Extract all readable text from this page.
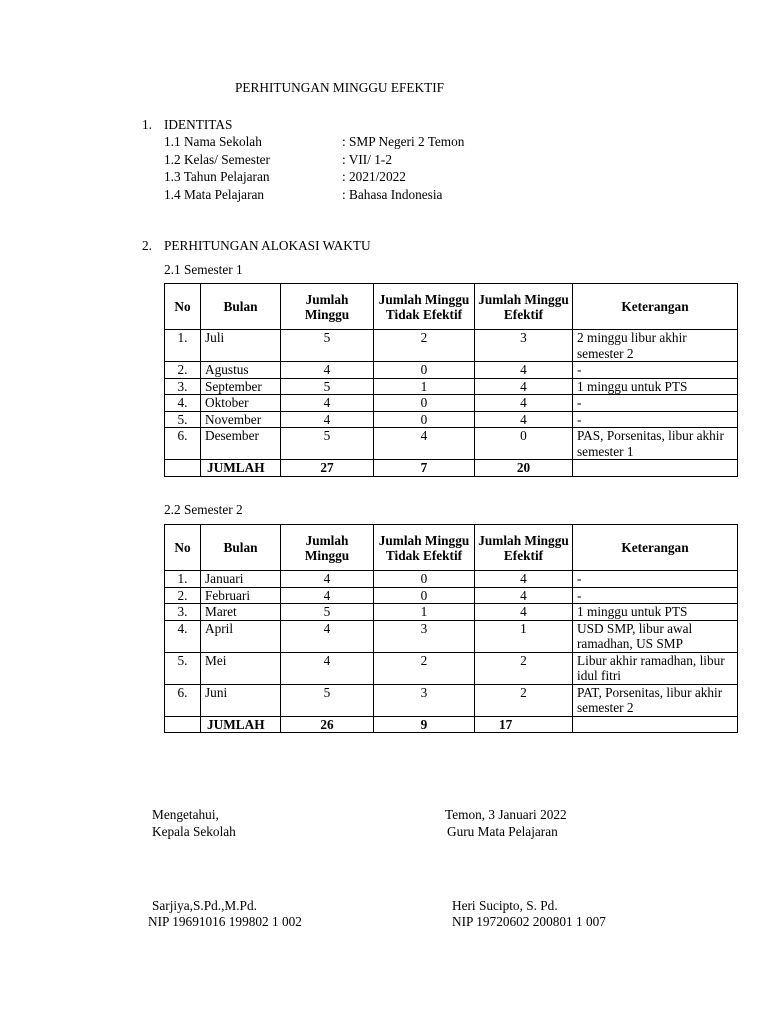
PERHITUNGAN MINGGU EFEKTIF
1. IDENTITAS
1.1 Nama Sekolah	: SMP Negeri 2 Temon
1.2 Kelas/ Semester	: VII/ 1-2
1.3 Tahun Pelajaran	: 2021/2022
1.4 Mata Pelajaran	: Bahasa Indonesia
2. PERHITUNGAN ALOKASI WAKTU
2.1 Semester 1
No	Bulan	Jumlah Minggu	Jumlah Minggu Tidak Efektif	Jumlah Minggu Efektif	Keterangan
1.	Juli	5	2	3	2 minggu libur akhir semester 2
2.	Agustus	4	0	4	-
3.	September	5	1	4	1 minggu untuk PTS
4.	Oktober	4	0	4	-
5.	November	4	0	4	-
6.	Desember	5	4	0	PAS, Porsenitas, libur akhir semester 1
	JUMLAH	27	7	20	
2.2 Semester 2
No	Bulan	Jumlah Minggu	Jumlah Minggu Tidak Efektif	Jumlah Minggu Efektif	Keterangan
1.	Januari	4	0	4	-
2.	Februari	4	0	4	-
3.	Maret	5	1	4	1 minggu untuk PTS
4.	April	4	3	1	USD SMP, libur awal ramadhan, US SMP
5.	Mei	4	2	2	Libur akhir ramadhan, libur idul fitri
6.	Juni	5	3	2	PAT, Porsenitas, libur akhir semester 2
	JUMLAH	26	9	17	
Mengetahui,
Kepala Sekolah
Temon, 3 Januari 2022
Guru Mata Pelajaran
Sarjiya,S.Pd.,M.Pd.
NIP 19691016 199802 1 002
Heri Sucipto, S. Pd.
NIP 19720602 200801 1 007
